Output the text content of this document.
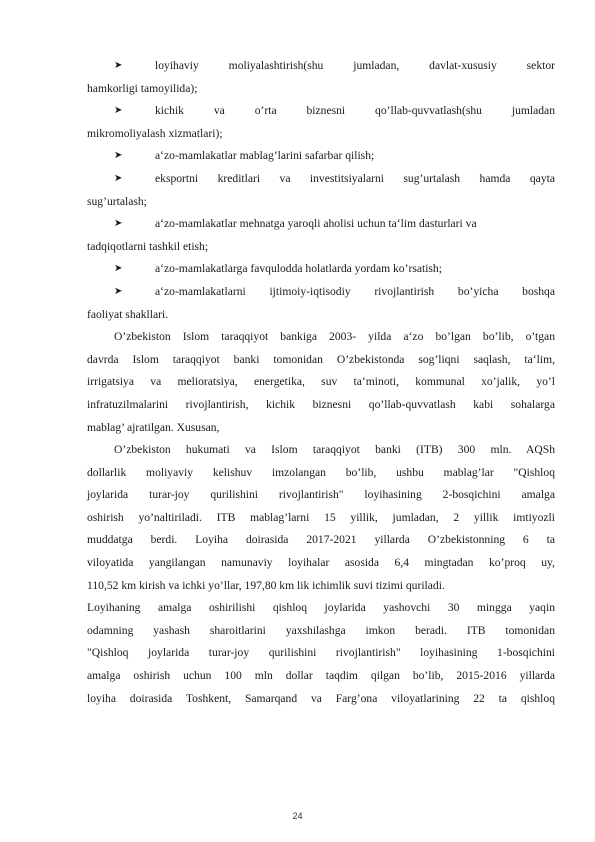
➤	loyihaviy moliyalashtirish(shu jumladan, davlat-xususiy sektor
hamkorligi tamoyilida);
➤	kichik va o’rta biznesni qo’llab-quvvatlash(shu jumladan
mikromoliyalash xizmatlari);
➤	a‘zo-mamlakatlar mablag’larini safarbar qilish;
➤	eksportni kreditlari va investitsiyalarni sug’urtalash hamda qayta
sug’urtalash;
➤	a‘zo-mamlakatlar mehnatga yaroqli aholisi uchun ta‘lim dasturlari va
tadqiqotlarni tashkil etish;
➤	a‘zo-mamlakatlarga favqulodda holatlarda yordam ko’rsatish;
➤	a‘zo-mamlakatlarni ijtimoiy-iqtisodiy rivojlantirish bo’yicha boshqa
faoliyat shakllari.
O’zbekiston Islom taraqqiyot bankiga 2003- yilda a‘zo bo’lgan bo’lib, o’tgan
davrda Islom taraqqiyot banki tomonidan O’zbekistonda sog’liqni saqlash, ta‘lim,
irrigatsiya va melioratsiya, energetika, suv ta‘minoti, kommunal xo’jalik, yo’l
infratuzilmalarini rivojlantirish, kichik biznesni qo’llab-quvvatlash kabi sohalarga
mablag’ ajratilgan. Xususan,
O’zbekiston hukumati va Islom taraqqiyot banki (ITB) 300 mln. AQSh
dollarlik moliyaviy kelishuv imzolangan bo’lib, ushbu mablag’lar "Qishloq
joylarida turar-joy qurilishini rivojlantirish" loyihasining 2-bosqichini amalga
oshirish yo’naltiriladi. ITB mablag’larni 15 yillik, jumladan, 2 yillik imtiyozli
muddatga berdi. Loyiha doirasida 2017-2021 yillarda O’zbekistonning 6 ta
viloyatida yangilangan namunaviy loyihalar asosida 6,4 mingtadan ko’proq uy,
110,52 km kirish va ichki yo’llar, 197,80 km lik ichimlik suvi tizimi quriladi.
Loyihaning amalga oshirilishi qishloq joylarida yashovchi 30 mingga yaqin
odamning yashash sharoitlarini yaxshilashga imkon beradi. ITB tomonidan
"Qishloq joylarida turar-joy qurilishini rivojlantirish" loyihasining 1-bosqichini
amalga oshirish uchun 100 mln dollar taqdim qilgan bo’lib, 2015-2016 yillarda
loyiha doirasida Toshkent, Samarqand va Farg’ona viloyatlarining 22 ta qishloq
24
